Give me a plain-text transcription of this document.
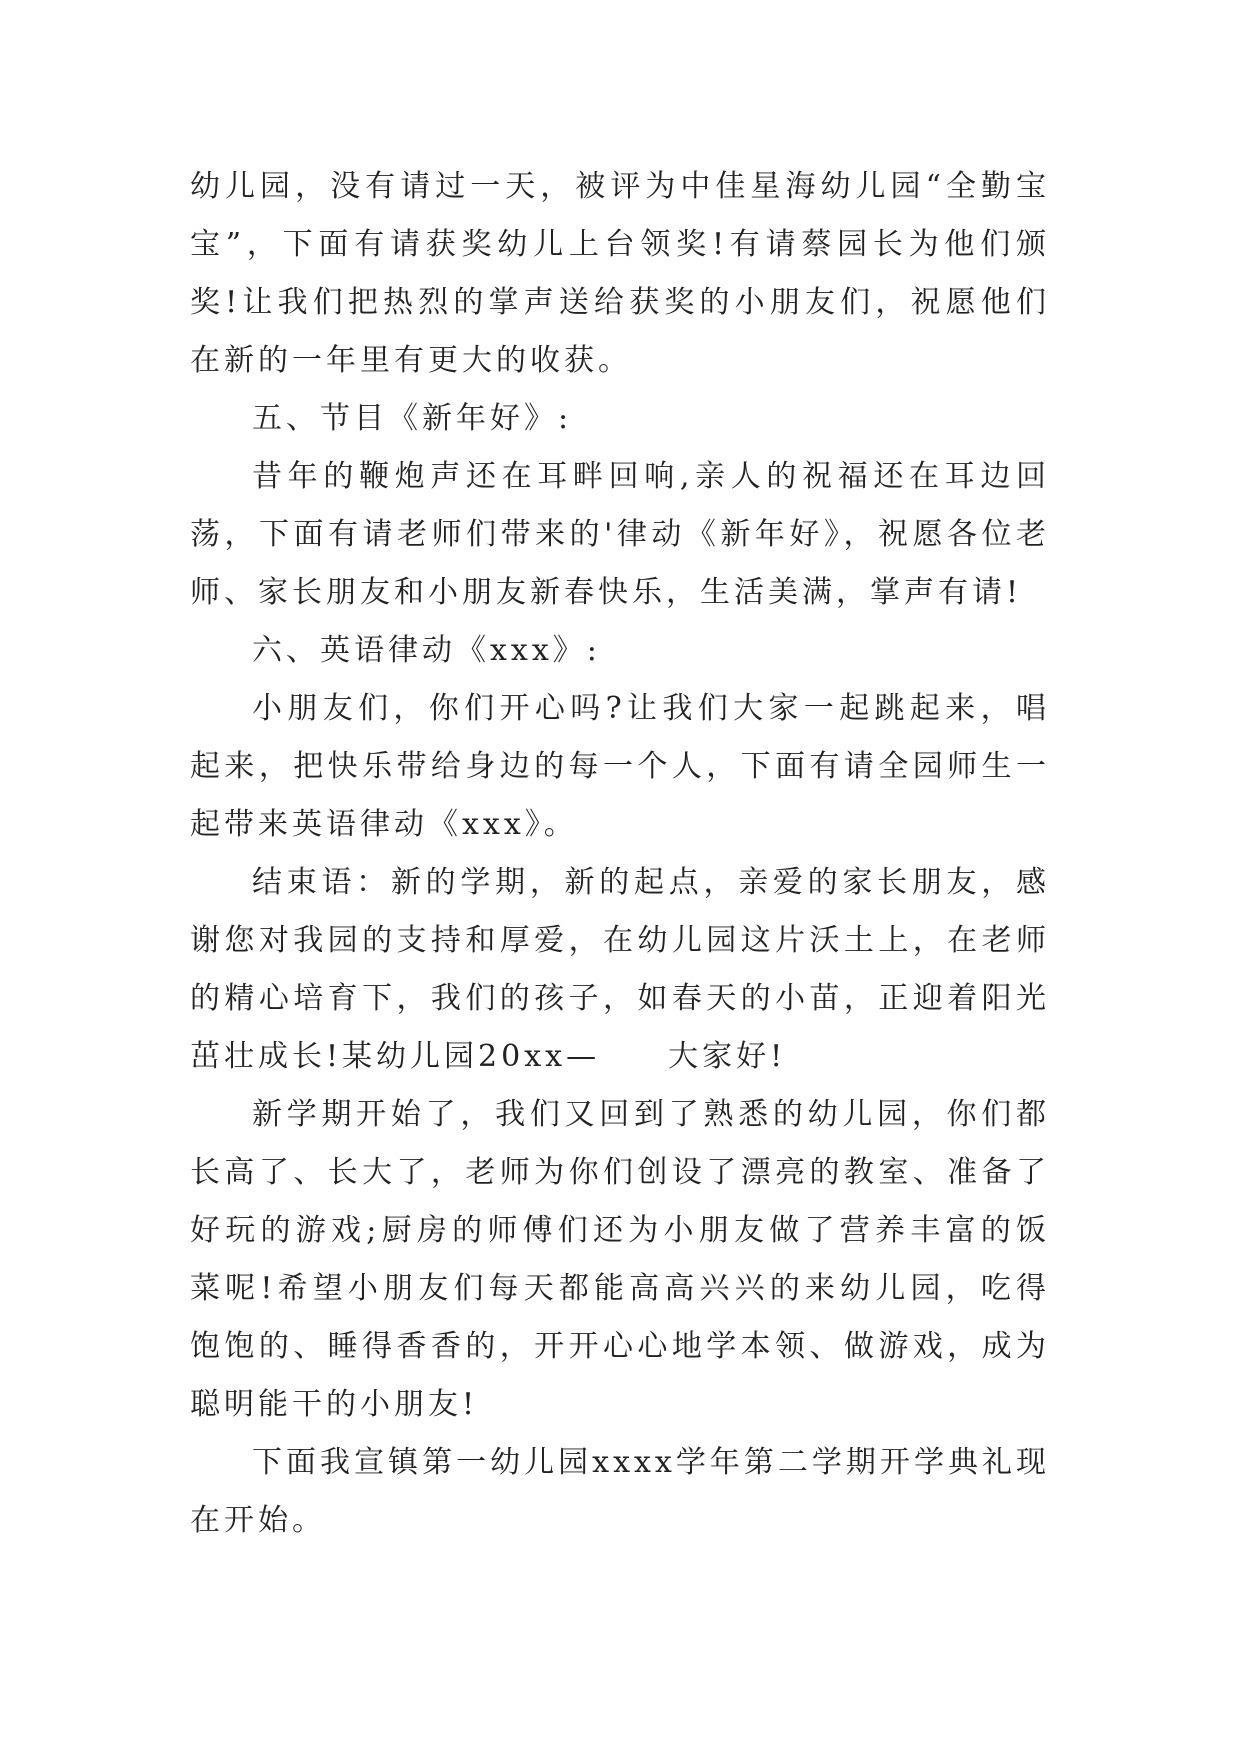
幼儿园，没有请过一天，被评为中佳星海幼儿园“全勤宝宝”，下面有请获奖幼儿上台领奖!有请蔡园长为他们颁奖!让我们把热烈的掌声送给获奖的小朋友们，祝愿他们在新的一年里有更大的收获。

五、节目《新年好》:

昔年的鞭炮声还在耳畔回响,亲人的祝福还在耳边回荡，下面有请老师们带来的'律动《新年好》，祝愿各位老师、家长朋友和小朋友新春快乐，生活美满，掌声有请!

六、英语律动《xxx》:

小朋友们，你们开心吗?让我们大家一起跳起来，唱起来，把快乐带给身边的每一个人，下面有请全园师生一起带来英语律动《xxx》。

结束语：新的学期，新的起点，亲爱的家长朋友，感谢您对我园的支持和厚爱，在幼儿园这片沃土上，在老师的精心培育下，我们的孩子，如春天的小苗，正迎着阳光茁壮成长!某幼儿园20xx—　　大家好!

新学期开始了，我们又回到了熟悉的幼儿园，你们都长高了、长大了，老师为你们创设了漂亮的教室、准备了好玩的游戏;厨房的师傅们还为小朋友做了营养丰富的饭菜呢!希望小朋友们每天都能高高兴兴的来幼儿园，吃得饱饱的、睡得香香的，开开心心地学本领、做游戏，成为聪明能干的小朋友!

下面我宣镇第一幼儿园xxxx学年第二学期开学典礼现在开始。
